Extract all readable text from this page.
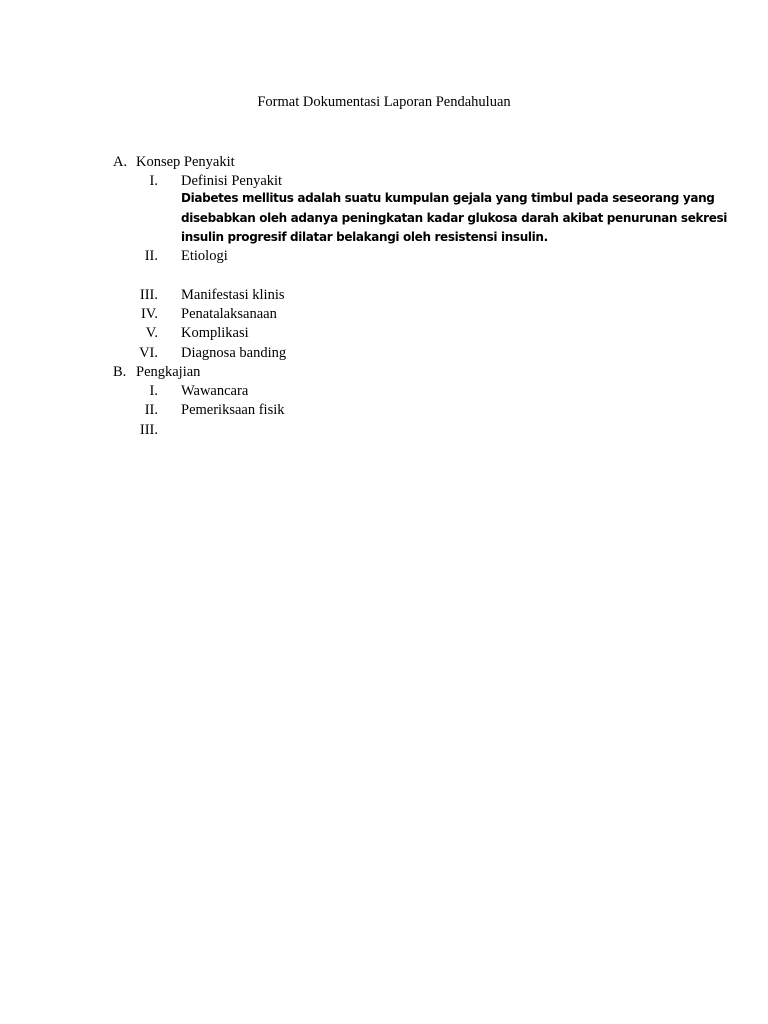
Format Dokumentasi Laporan Pendahuluan
A. Konsep Penyakit
I. Definisi Penyakit
Diabetes mellitus adalah suatu kumpulan gejala yang timbul pada seseorang yang
disebabkan oleh adanya peningkatan kadar glukosa darah akibat penurunan sekresi
insulin progresif dilatar belakangi oleh resistensi insulin.
II. Etiologi
III. Manifestasi klinis
IV. Penatalaksanaan
V. Komplikasi
VI. Diagnosa banding
B. Pengkajian
I. Wawancara
II. Pemeriksaan fisik
III.
